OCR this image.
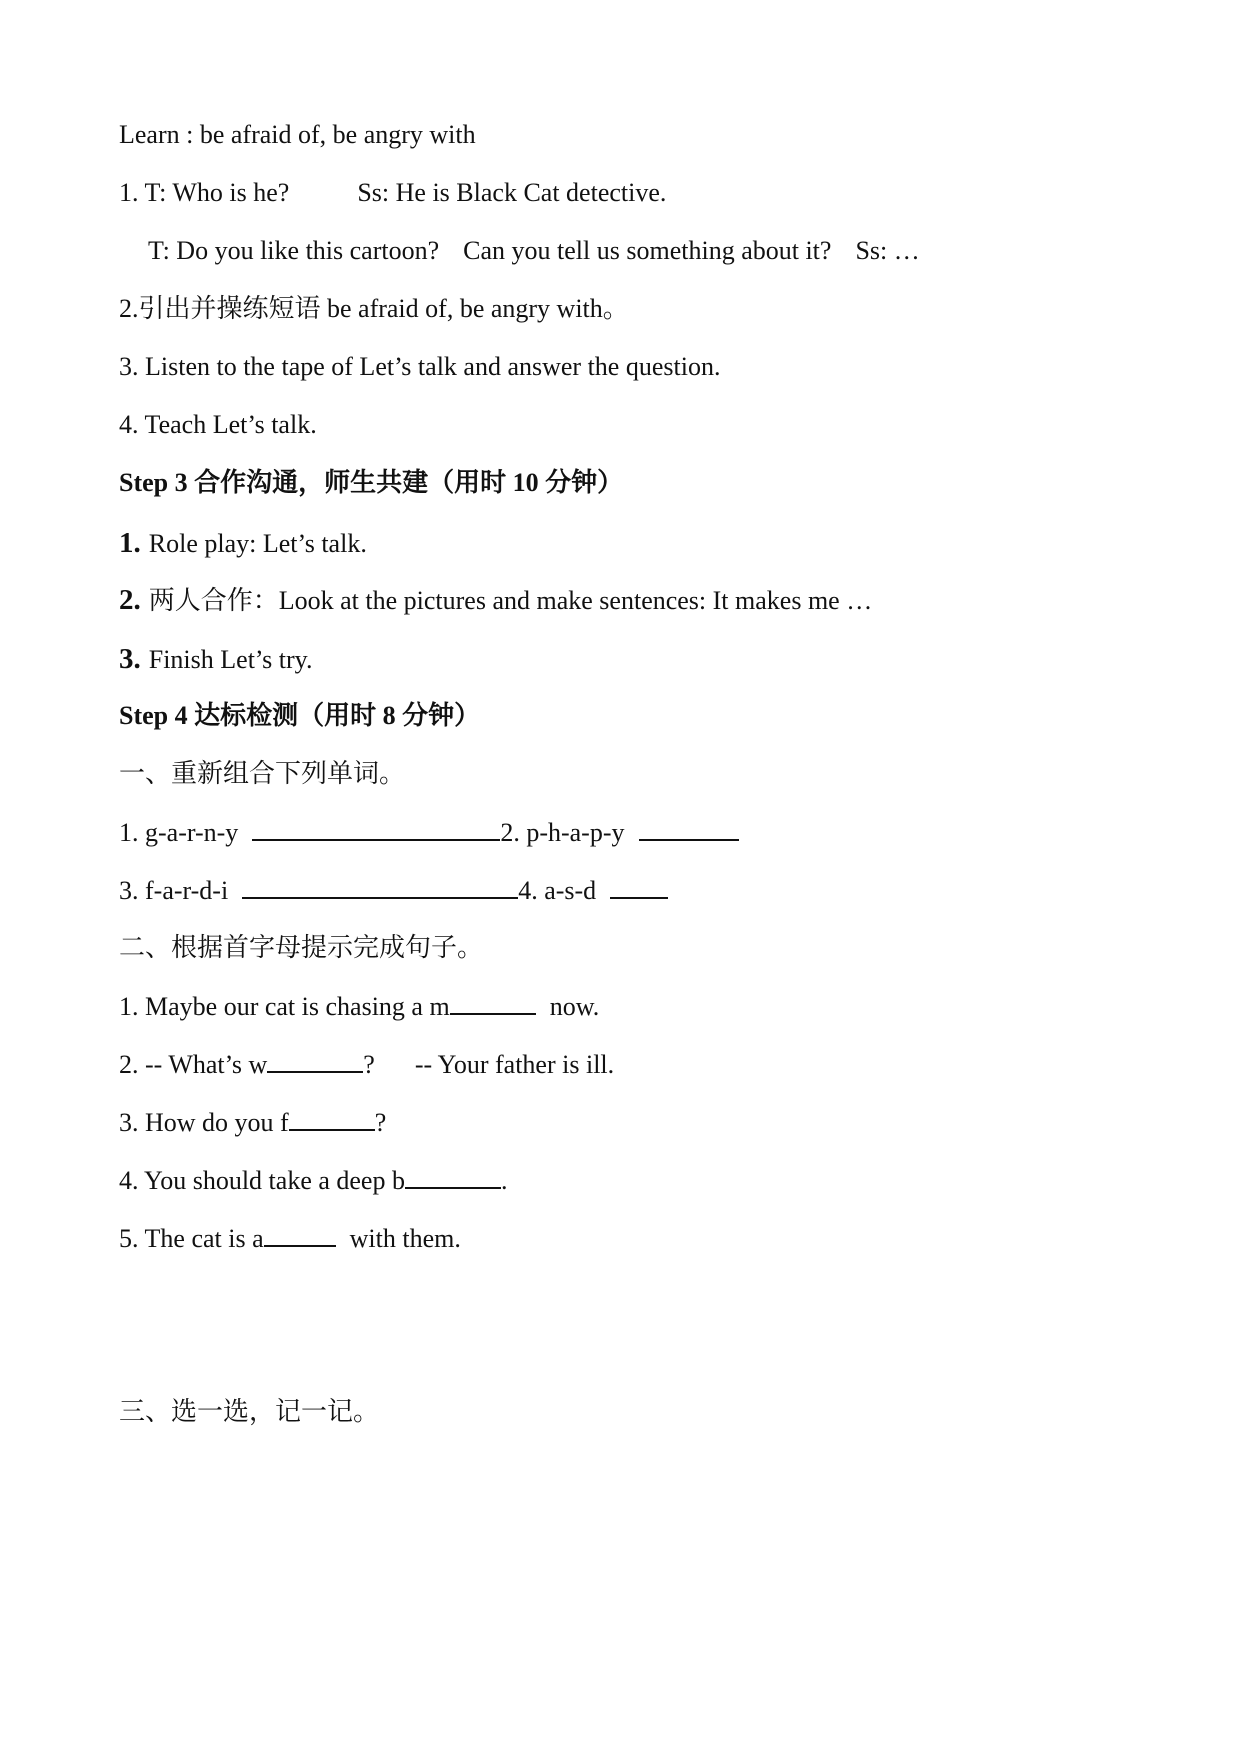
Learn : be afraid of, be angry with
1. T: Who is he?	Ss: He is Black Cat detective.
T: Do you like this cartoon? Can you tell us something about it? Ss: …
2.引出并操练短语 be afraid of, be angry with。
3. Listen to the tape of Let’s talk and answer the question.
4. Teach Let’s talk.
Step 3 合作沟通，师生共建（用时 10 分钟）
1. Role play: Let’s talk.
2. 两人合作：Look at the pictures and make sentences: It makes me …
3. Finish Let’s try.
Step 4 达标检测（用时 8 分钟）
一、重新组合下列单词。
1. g-a-r-n-y	2. p-h-a-p-y
3. f-a-r-d-i	4. a-s-d
二、根据首字母提示完成句子。
1. Maybe our cat is chasing a m	now.
2. -- What’s w	? -- Your father is ill.
3. How do you f	?
4. You should take a deep b	.
5. The cat is a	with them.
三、选一选，记一记。
